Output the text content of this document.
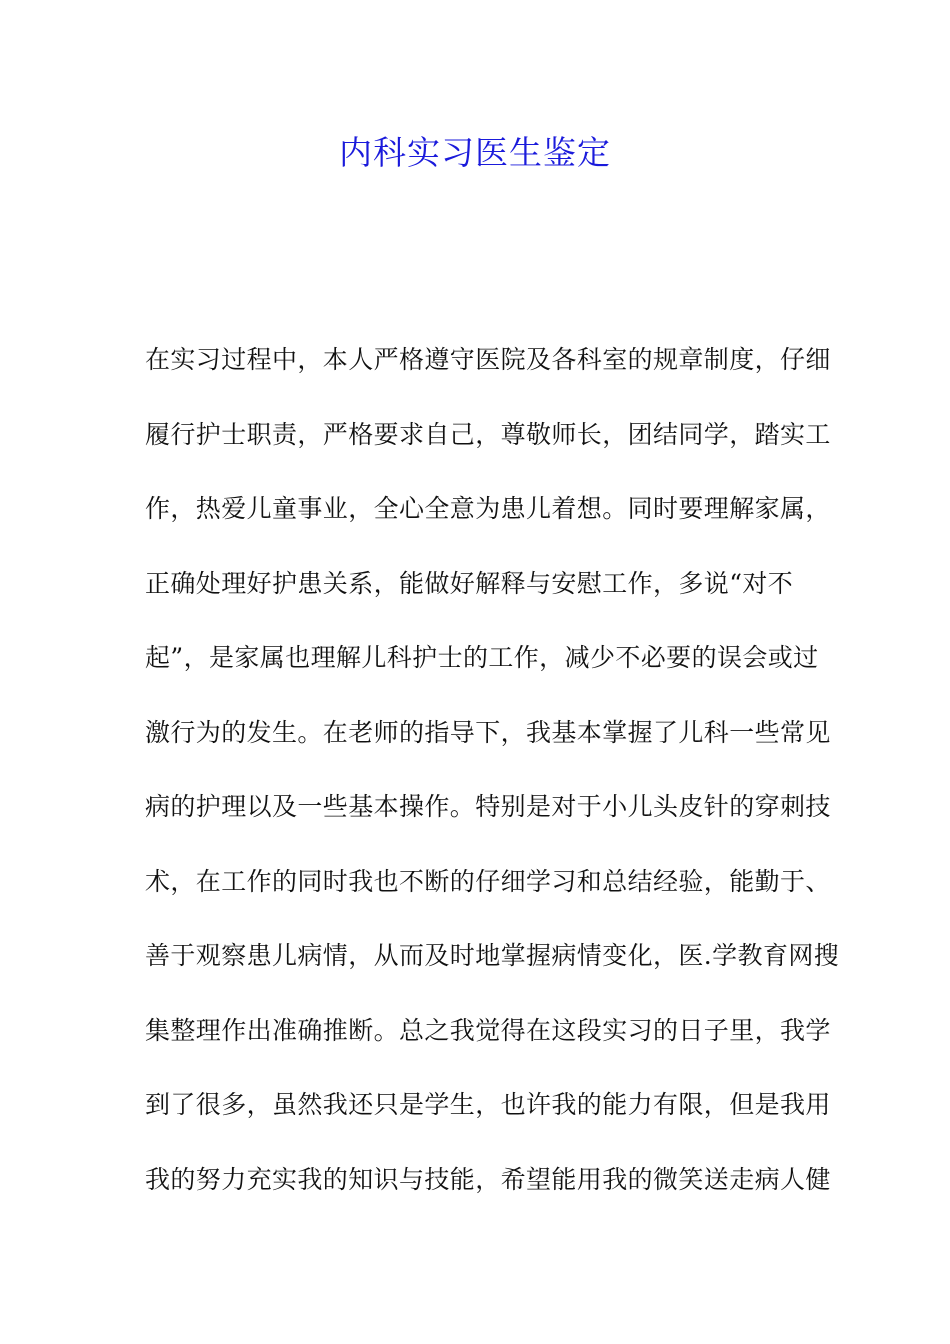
内科实习医生鉴定
在实习过程中，本人严格遵守医院及各科室的规章制度，仔细
履行护士职责，严格要求自己，尊敬师长，团结同学，踏实工
作，热爱儿童事业，全心全意为患儿着想。同时要理解家属，
正确处理好护患关系，能做好解释与安慰工作，多说“对不
起”，是家属也理解儿科护士的工作，减少不必要的误会或过
激行为的发生。在老师的指导下，我基本掌握了儿科一些常见
病的护理以及一些基本操作。特别是对于小儿头皮针的穿刺技
术，在工作的同时我也不断的仔细学习和总结经验，能勤于、
善于观察患儿病情，从而及时地掌握病情变化，医.学教育网搜
集整理作出准确推断。总之我觉得在这段实习的日子里，我学
到了很多，虽然我还只是学生，也许我的能力有限，但是我用
我的努力充实我的知识与技能，希望能用我的微笑送走病人健
